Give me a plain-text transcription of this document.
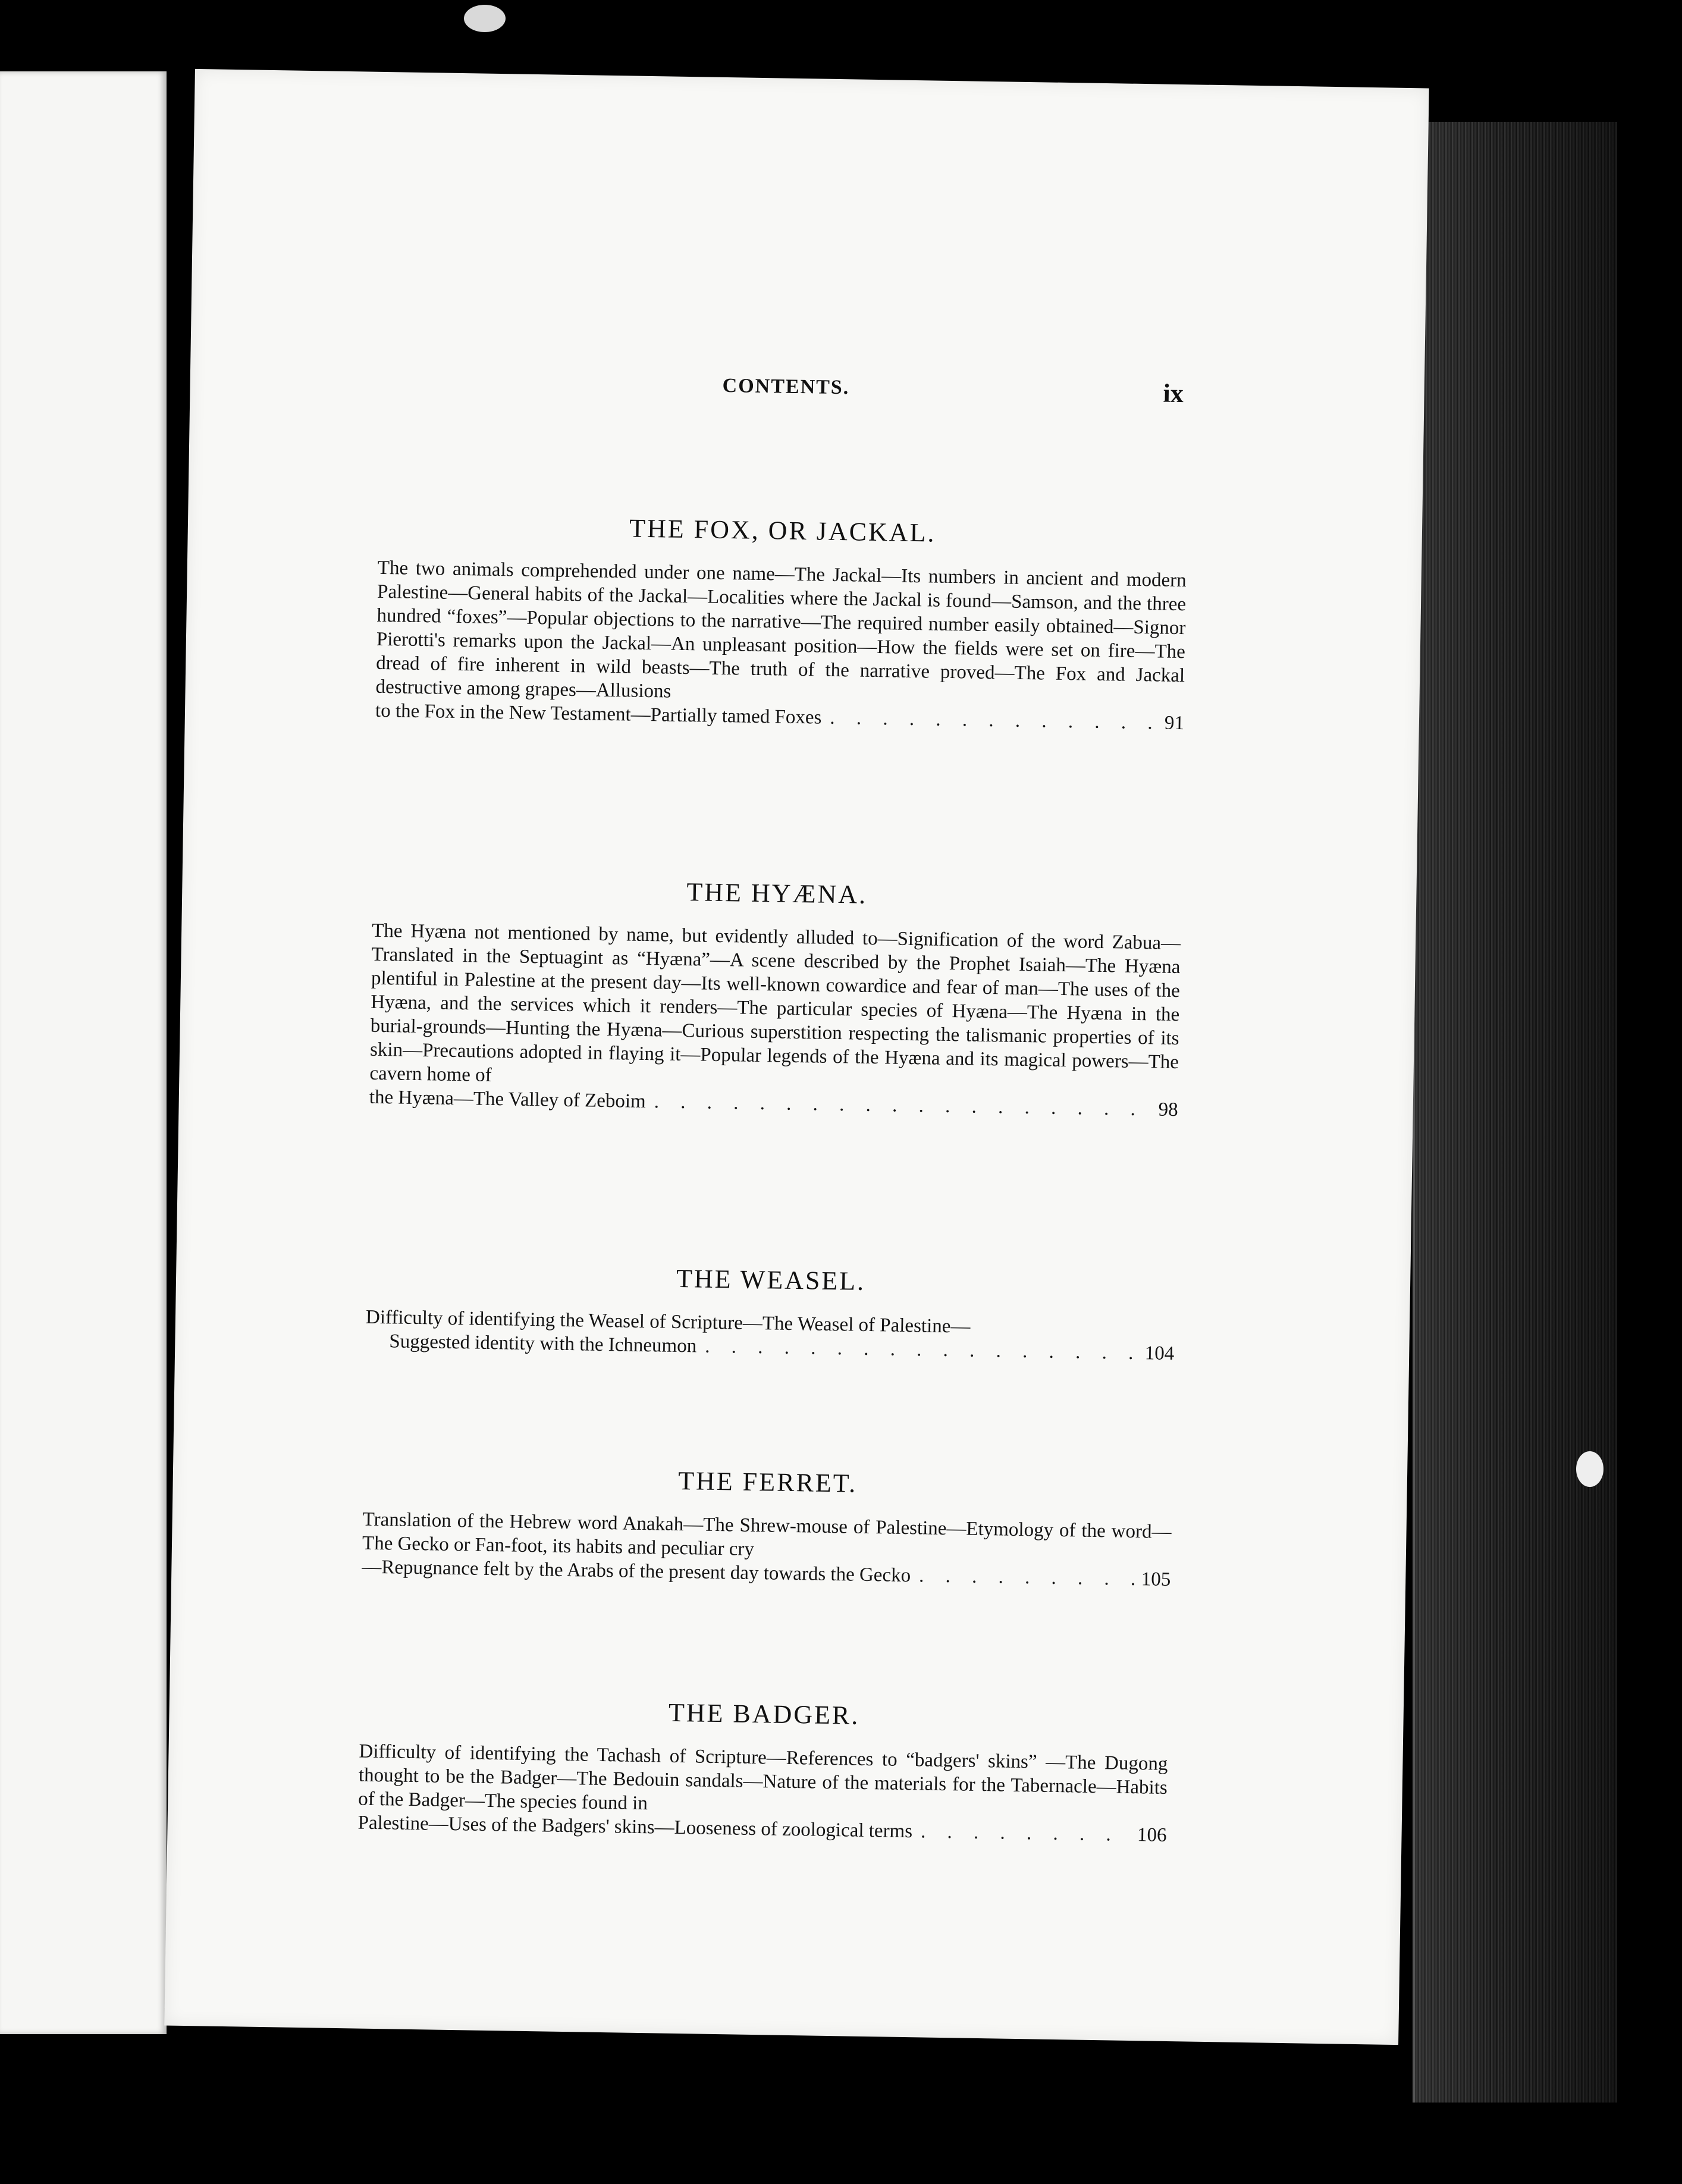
CONTENTS.	ix
THE FOX, OR JACKAL.

The two animals comprehended under one name—The Jackal—Its numbers in ancient and modern Palestine—General habits of the Jackal—Localities where the Jackal is found—Samson, and the three hundred “foxes”—Popular objections to the narrative—The required number easily obtained—Signor Pierotti's remarks upon the Jackal—An unpleasant position—How the fields were set on fire—The dread of fire inherent in wild beasts—The truth of the narrative proved—The Fox and Jackal destructive among grapes—Allusions

to the Fox in the New Testament—Partially tamed Foxes . . .	91
THE HYÆNA.

The Hyæna not mentioned by name, but evidently alluded to—Signification of the word Zabua—Translated in the Septuagint as “Hyæna”—A scene described by the Prophet Isaiah—The Hyæna plentiful in Palestine at the present day—Its well-known cowardice and fear of man—The uses of the Hyæna, and the services which it renders—The particular species of Hyæna—The Hyæna in the burial-grounds—Hunting the Hyæna—Curious superstition respecting the talismanic properties of its skin—Precautions adopted in flaying it—Popular legends of the Hyæna and its magical powers—The cavern home of

the Hyæna—The Valley of Zeboim . . .	98
THE WEASEL.

Difficulty of identifying the Weasel of Scripture—The Weasel of Palestine—

Suggested identity with the Ichneumon . . .	104
THE FERRET.

Translation of the Hebrew word Anakah—The Shrew-mouse of Palestine—Etymology of the word—The Gecko or Fan-foot, its habits and peculiar cry

—Repugnance felt by the Arabs of the present day towards the Gecko . . .	105
THE BADGER.

Difficulty of identifying the Tachash of Scripture—References to “badgers' skins” —The Dugong thought to be the Badger—The Bedouin sandals—Nature of the materials for the Tabernacle—Habits of the Badger—The species found in

Palestine—Uses of the Badgers' skins—Looseness of zoological terms . . .	106
